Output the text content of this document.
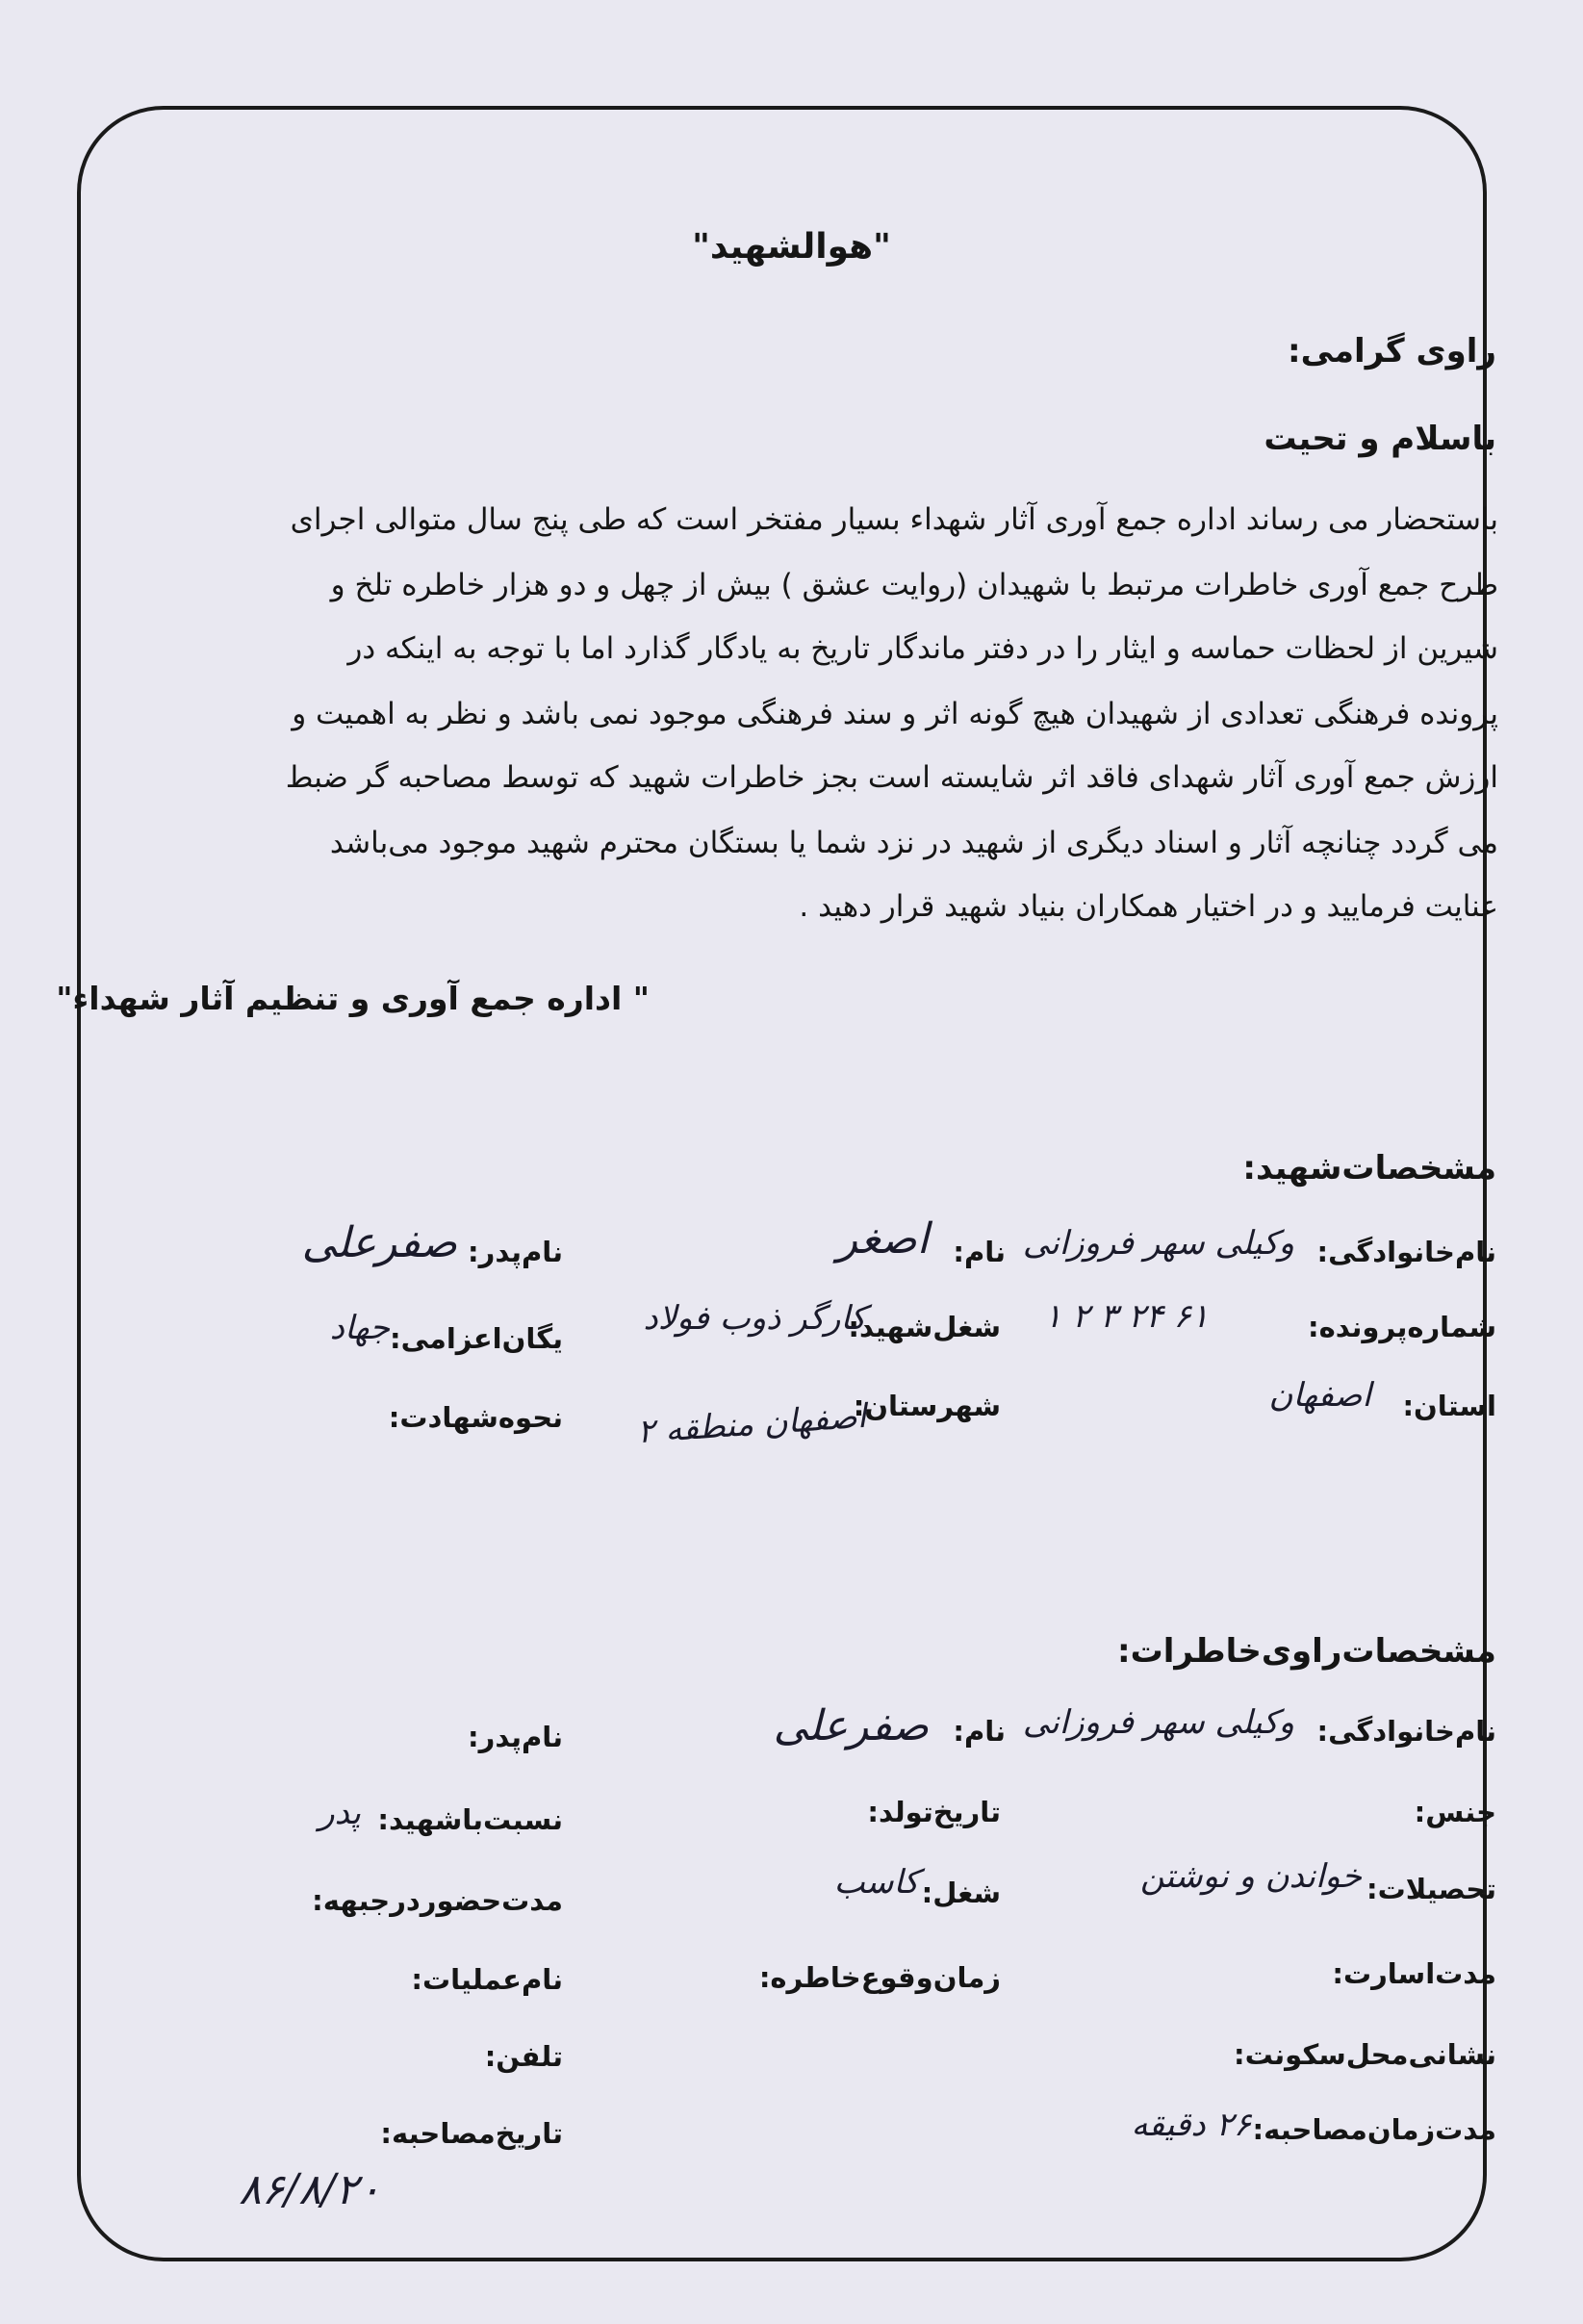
"هوالشهید"
راوی گرامی:
باسلام و تحیت
باستحضار می رساند اداره جمع آوری آثار شهداء بسیار مفتخر است که طی پنج سال متوالی اجرای
طرح جمع آوری خاطرات مرتبط با شهیدان (روایت عشق ) بیش از چهل و دو هزار خاطره تلخ و
شیرین از لحظات حماسه و ایثار را در دفتر ماندگار تاریخ به یادگار گذارد اما با توجه به اینکه در
پرونده فرهنگی تعدادی از شهیدان هیچ گونه اثر و سند فرهنگی موجود نمی باشد و نظر به اهمیت و
ارزش جمع آوری آثار شهدای فاقد اثر شایسته است بجز خاطرات شهید که توسط مصاحبه گر ضبط
می گردد چنانچه آثار و اسناد دیگری از شهید در نزد شما یا بستگان محترم شهید موجود می‌باشد
عنایت فرمایید و در اختیار همکاران بنیاد شهید قرار دهید .
" اداره جمع آوری و تنظیم آثار شهداء"
مشخصات‌شهید:
نام‌خانوادگی:
وکیلی سهر فروزانی
نام:
اصغر
نام‌پدر:
صفرعلی
شماره‌پرونده:
۱ ۲ ۳ ۲۴ ۶۱
شغل‌شهید:
کارگر ذوب فولاد
یگان‌اعزامی:
جهاد
استان:
اصفهان
شهرستان:
اصفهان منطقه ۲
نحوه‌شهادت:
مشخصات‌راوی‌خاطرات:
نام‌خانوادگی:
وکیلی سهر فروزانی
نام:
صفرعلی
نام‌پدر:
جنس:
تاریخ‌تولد:
نسبت‌باشهید:
پدر
تحصیلات:
خواندن و نوشتن
شغل:
کاسب
مدت‌حضوردرجبهه:
مدت‌اسارت:
زمان‌وقوع‌خاطره:
نام‌عملیات:
نشانی‌محل‌سکونت:
تلفن:
مدت‌زمان‌مصاحبه:
۲۶ دقیقه
تاریخ‌مصاحبه:
۸۶/۸/۲۰
